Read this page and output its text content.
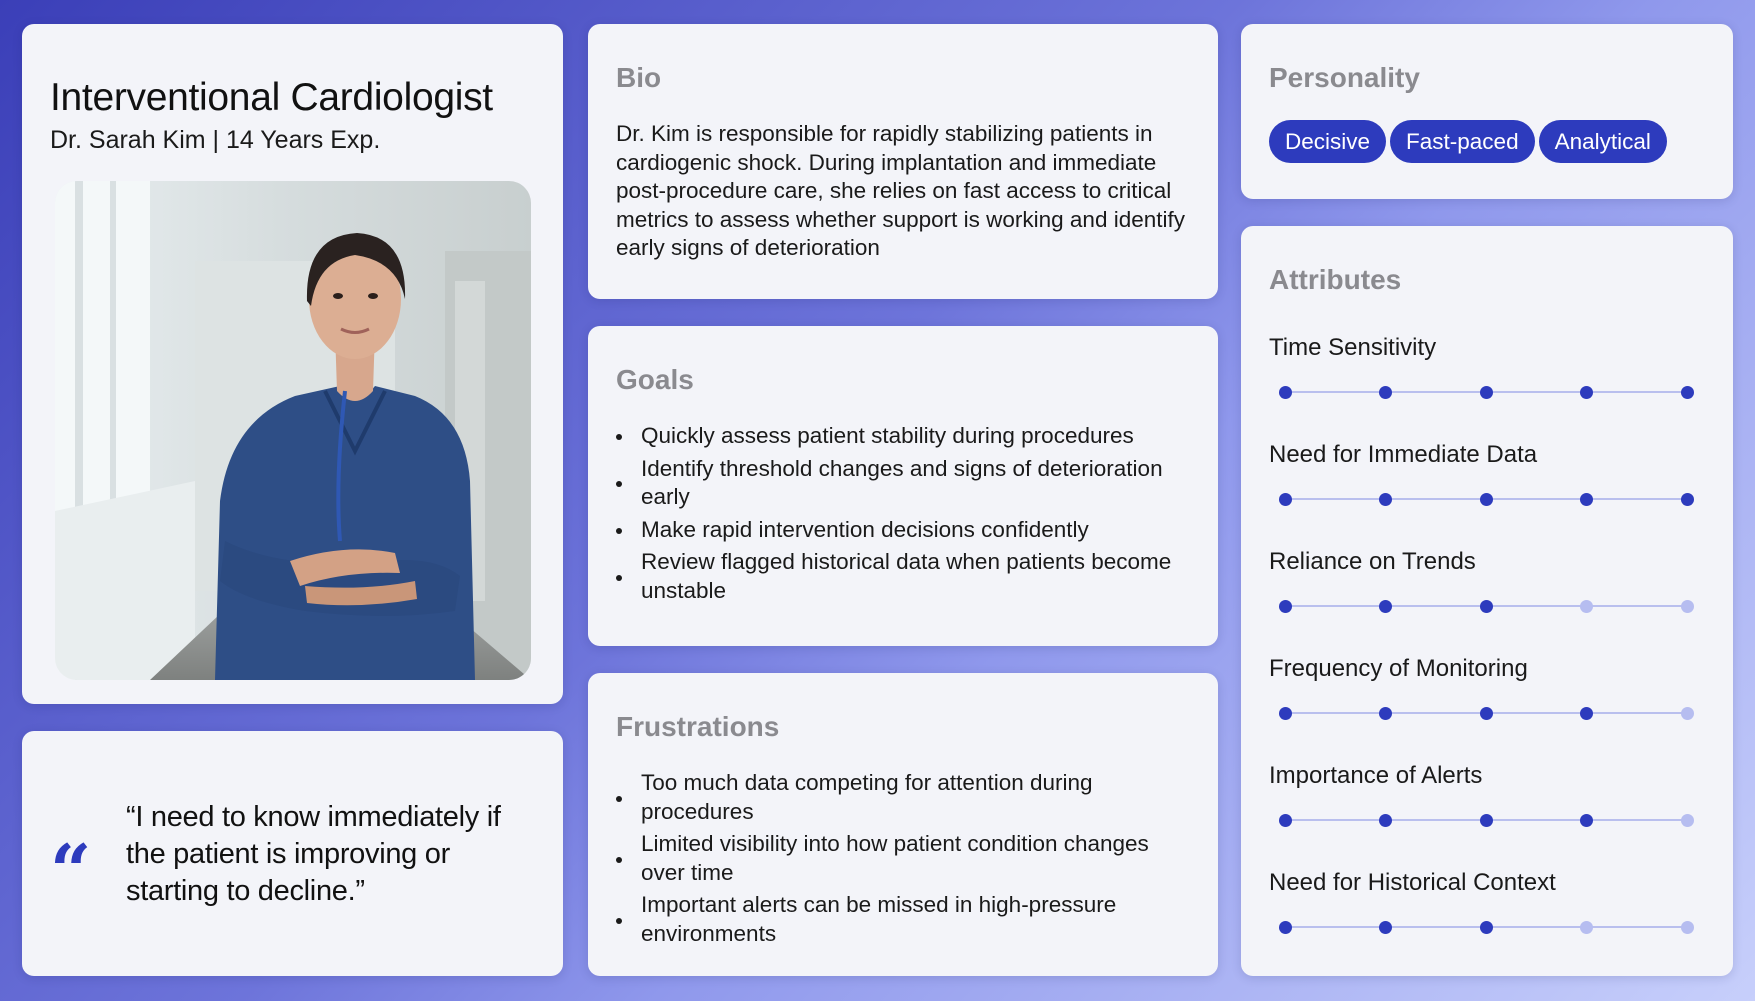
Interventional Cardiologist
Dr. Sarah Kim | 14 Years Exp.
“
“I need to know immediately if the patient is improving or starting to decline.”
Bio
Dr. Kim is responsible for rapidly stabilizing patients in cardiogenic shock. During implantation and immediate post-procedure care, she relies on fast access to critical metrics to assess whether support is working and identify early signs of deterioration
Goals
Quickly assess patient stability during procedures
Identify threshold changes and signs of deterioration early
Make rapid intervention decisions confidently
Review flagged historical data when patients become unstable
Frustrations
Too much data competing for attention during procedures
Limited visibility into how patient condition changes over time
Important alerts can be missed in high-pressure environments
Personality
Decisive	Fast-paced	Analytical
Attributes
Time Sensitivity
Need for Immediate Data
Reliance on Trends
Frequency of Monitoring
Importance of Alerts
Need for Historical Context
